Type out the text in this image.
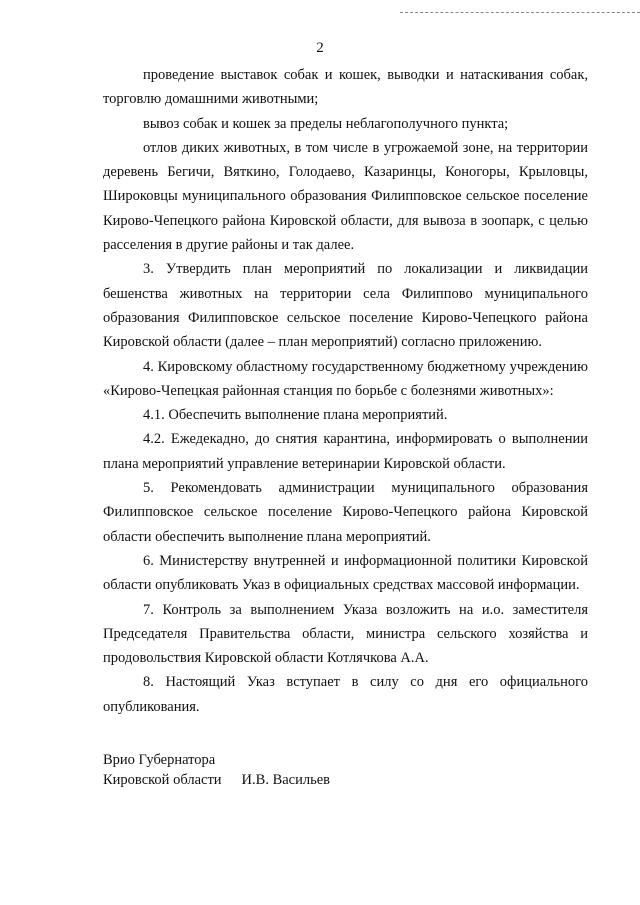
2

проведение выставок собак и кошек, выводки и натаскивания собак, торговлю домашними животными;

вывоз собак и кошек за пределы неблагополучного пункта;

отлов диких животных, в том числе в угрожаемой зоне, на территории деревень Бегичи, Вяткино, Голодаево, Казаринцы, Коногоры, Крыловцы, Широковцы муниципального образования Филипповское сельское поселение Кирово-Чепецкого района Кировской области, для вывоза в зоопарк, с целью расселения в другие районы и так далее.

3. Утвердить план мероприятий по локализации и ликвидации бешенства животных на территории села Филиппово муниципального образования Филипповское сельское поселение Кирово-Чепецкого района Кировской области (далее – план мероприятий) согласно приложению.

4. Кировскому областному государственному бюджетному учреждению «Кирово-Чепецкая районная станция по борьбе с болезнями животных»:

4.1. Обеспечить выполнение плана мероприятий.

4.2. Ежедекадно, до снятия карантина, информировать о выполнении плана мероприятий управление ветеринарии Кировской области.

5. Рекомендовать администрации муниципального образования Филипповское сельское поселение Кирово-Чепецкого района Кировской области обеспечить выполнение плана мероприятий.

6. Министерству внутренней и информационной политики Кировской области опубликовать Указ в официальных средствах массовой информации.

7. Контроль за выполнением Указа возложить на и.о. заместителя Председателя Правительства области, министра сельского хозяйства и продовольствия Кировской области Котлячкова А.А.

8. Настоящий Указ вступает в силу со дня его официального опубликования.

Врио Губернатора
Кировской области И.В. Васильев
